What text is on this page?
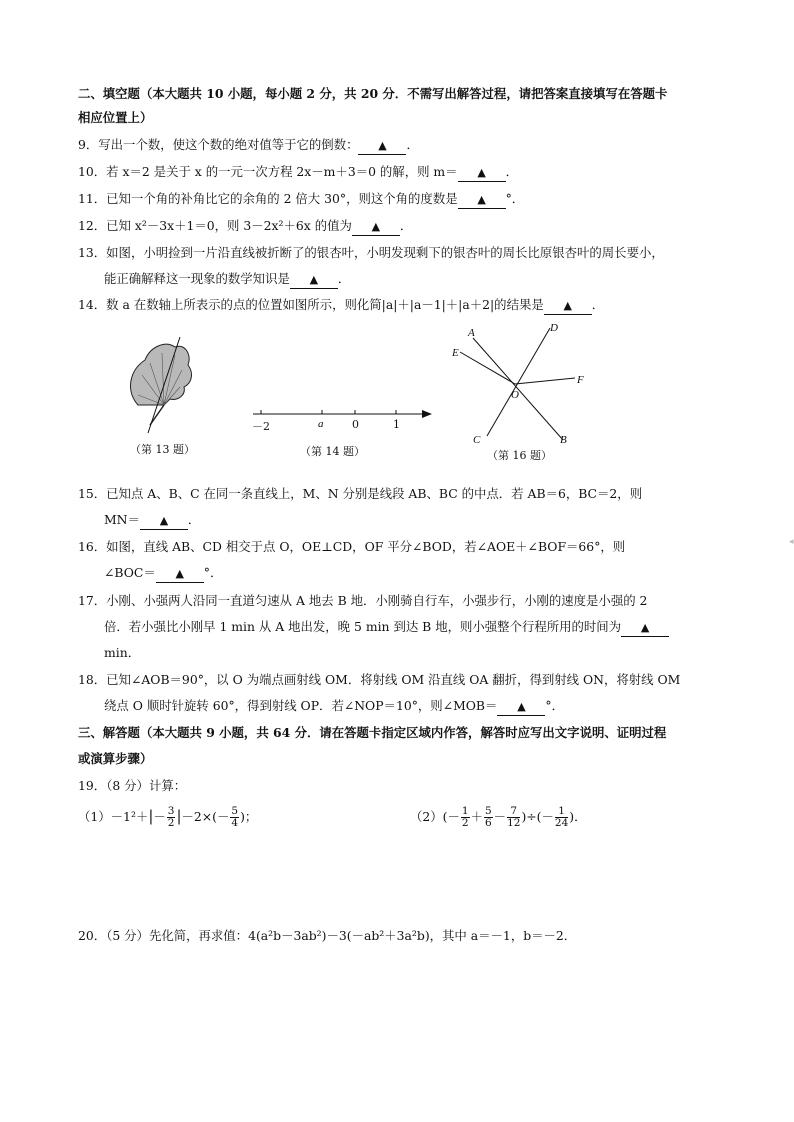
二、填空题（本大题共 10 小题，每小题 2 分，共 20 分．不需写出解答过程，请把答案直接填写在答题卡
相应位置上）
9．写出一个数，使这个数的绝对值等于它的倒数： ▲ ．
10．若 x＝2 是关于 x 的一元一次方程 2x－m＋3＝0 的解，则 m＝ ▲ ．
11．已知一个角的补角比它的余角的 2 倍大 30°，则这个角的度数是 ▲ °．
12．已知 x²－3x＋1＝0，则 3－2x²＋6x 的值为 ▲ ．
13．如图，小明捡到一片沿直线被折断了的银杏叶，小明发现剩下的银杏叶的周长比原银杏叶的周长要小，
能正确解释这一现象的数学知识是 ▲ ．
14．数 a 在数轴上所表示的点的位置如图所示，则化简|a|＋|a－1|＋|a＋2|的结果是 ▲ ．
（第 13 题）
－2	a	0	1
（第 14 题）
A	D
E
F
O
C	B
（第 16 题）
15．已知点 A、B、C 在同一条直线上，M、N 分别是线段 AB、BC 的中点．若 AB＝6，BC＝2，则
MN＝ ▲ ．
16．如图，直线 AB、CD 相交于点 O，OE⊥CD，OF 平分∠BOD，若∠AOE＋∠BOF＝66°，则
∠BOC＝ ▲ °．
17．小刚、小强两人沿同一直道匀速从 A 地去 B 地．小刚骑自行车，小强步行，小刚的速度是小强的 2
倍．若小强比小刚早 1 min 从 A 地出发，晚 5 min 到达 B 地，则小强整个行程所用的时间为 ▲
min．
18．已知∠AOB＝90°，以 O 为端点画射线 OM．将射线 OM 沿直线 OA 翻折，得到射线 ON，将射线 OM
绕点 O 顺时针旋转 60°，得到射线 OP．若∠NOP＝10°，则∠MOB＝ ▲ °．
三、解答题（本大题共 9 小题，共 64 分．请在答题卡指定区域内作答，解答时应写出文字说明、证明过程
或演算步骤）
19．（8 分）计算：
$(1)-1^2+|- \frac{3}{2} |-2\times(- \frac{5}{4}$ )；	$(2)(- \frac{1}{2} + \frac{5}{6} - \frac{7}{12}$ )÷(－ $\frac{1}{24}$ )．
20．（5 分）先化简，再求值：4(a²b－3ab²)－3(－ab²＋3a²b)，其中 a＝－1，b＝－2．
◂
